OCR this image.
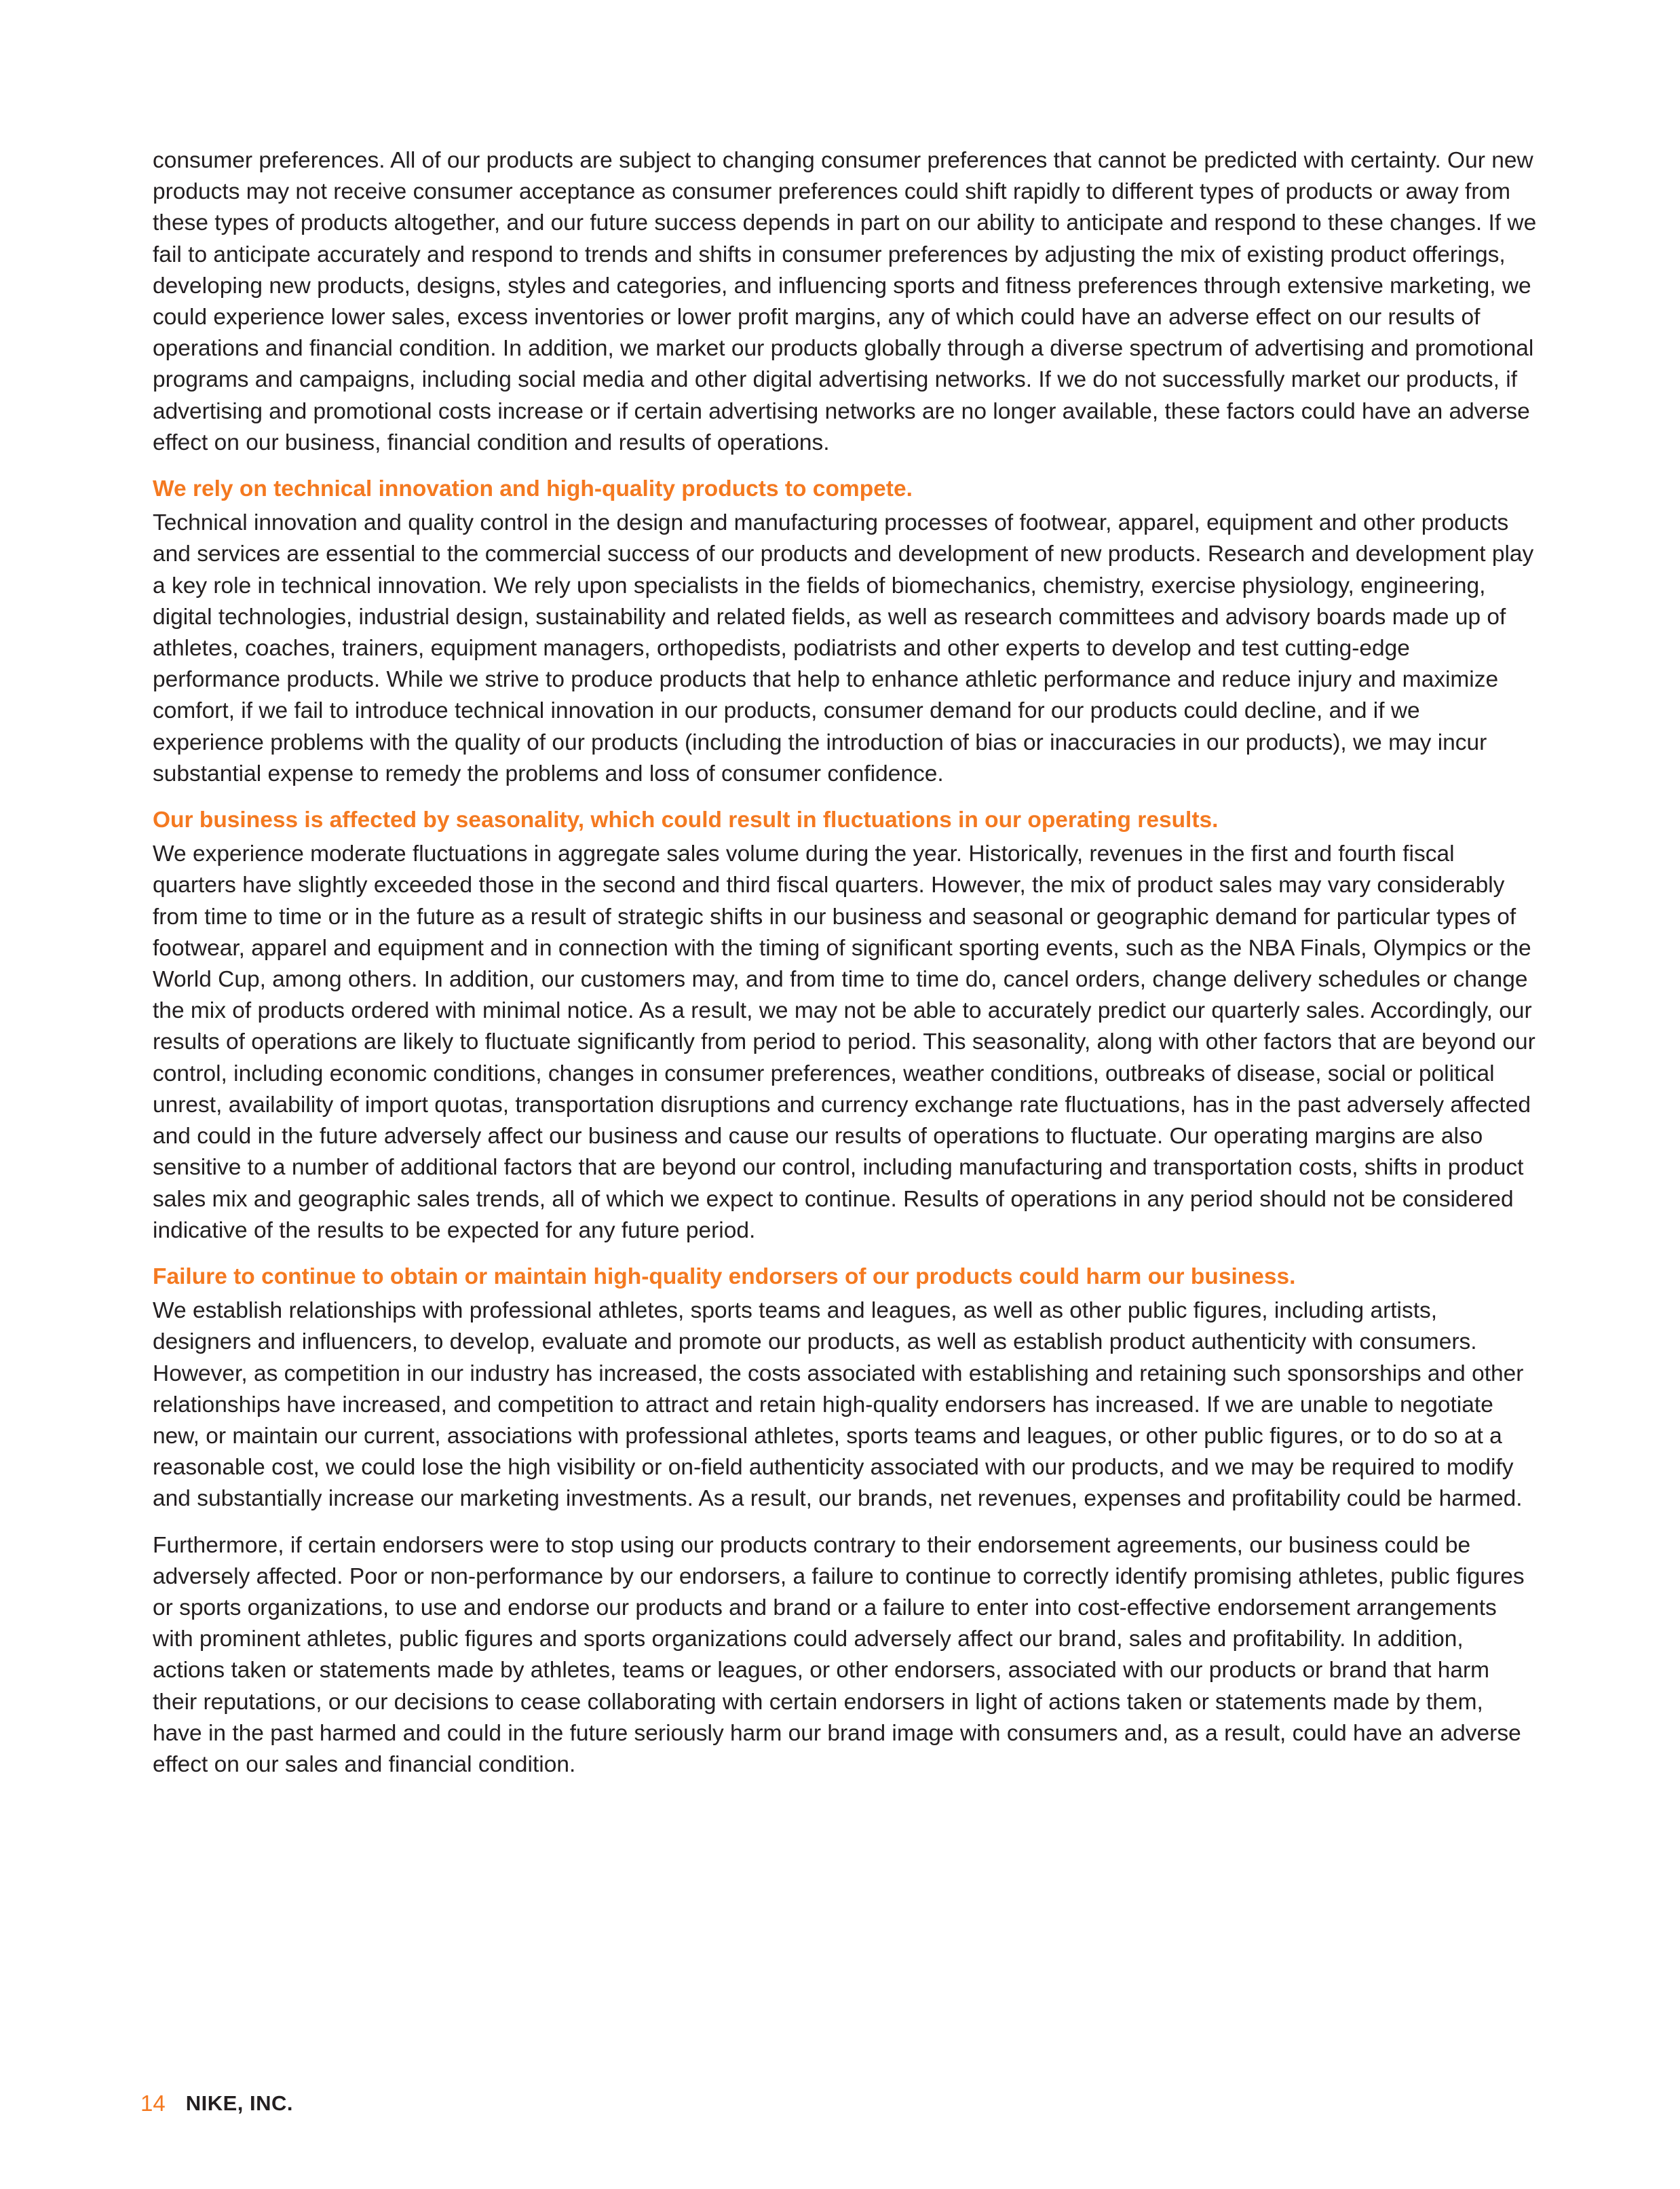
consumer preferences. All of our products are subject to changing consumer preferences that cannot be predicted with certainty. Our new products may not receive consumer acceptance as consumer preferences could shift rapidly to different types of products or away from these types of products altogether, and our future success depends in part on our ability to anticipate and respond to these changes. If we fail to anticipate accurately and respond to trends and shifts in consumer preferences by adjusting the mix of existing product offerings, developing new products, designs, styles and categories, and influencing sports and fitness preferences through extensive marketing, we could experience lower sales, excess inventories or lower profit margins, any of which could have an adverse effect on our results of operations and financial condition. In addition, we market our products globally through a diverse spectrum of advertising and promotional programs and campaigns, including social media and other digital advertising networks. If we do not successfully market our products, if advertising and promotional costs increase or if certain advertising networks are no longer available, these factors could have an adverse effect on our business, financial condition and results of operations.

We rely on technical innovation and high-quality products to compete.

Technical innovation and quality control in the design and manufacturing processes of footwear, apparel, equipment and other products and services are essential to the commercial success of our products and development of new products. Research and development play a key role in technical innovation. We rely upon specialists in the fields of biomechanics, chemistry, exercise physiology, engineering, digital technologies, industrial design, sustainability and related fields, as well as research committees and advisory boards made up of athletes, coaches, trainers, equipment managers, orthopedists, podiatrists and other experts to develop and test cutting-edge performance products. While we strive to produce products that help to enhance athletic performance and reduce injury and maximize comfort, if we fail to introduce technical innovation in our products, consumer demand for our products could decline, and if we experience problems with the quality of our products (including the introduction of bias or inaccuracies in our products), we may incur substantial expense to remedy the problems and loss of consumer confidence.

Our business is affected by seasonality, which could result in fluctuations in our operating results.

We experience moderate fluctuations in aggregate sales volume during the year. Historically, revenues in the first and fourth fiscal quarters have slightly exceeded those in the second and third fiscal quarters. However, the mix of product sales may vary considerably from time to time or in the future as a result of strategic shifts in our business and seasonal or geographic demand for particular types of footwear, apparel and equipment and in connection with the timing of significant sporting events, such as the NBA Finals, Olympics or the World Cup, among others. In addition, our customers may, and from time to time do, cancel orders, change delivery schedules or change the mix of products ordered with minimal notice. As a result, we may not be able to accurately predict our quarterly sales. Accordingly, our results of operations are likely to fluctuate significantly from period to period. This seasonality, along with other factors that are beyond our control, including economic conditions, changes in consumer preferences, weather conditions, outbreaks of disease, social or political unrest, availability of import quotas, transportation disruptions and currency exchange rate fluctuations, has in the past adversely affected and could in the future adversely affect our business and cause our results of operations to fluctuate. Our operating margins are also sensitive to a number of additional factors that are beyond our control, including manufacturing and transportation costs, shifts in product sales mix and geographic sales trends, all of which we expect to continue. Results of operations in any period should not be considered indicative of the results to be expected for any future period.

Failure to continue to obtain or maintain high-quality endorsers of our products could harm our business.

We establish relationships with professional athletes, sports teams and leagues, as well as other public figures, including artists, designers and influencers, to develop, evaluate and promote our products, as well as establish product authenticity with consumers. However, as competition in our industry has increased, the costs associated with establishing and retaining such sponsorships and other relationships have increased, and competition to attract and retain high-quality endorsers has increased. If we are unable to negotiate new, or maintain our current, associations with professional athletes, sports teams and leagues, or other public figures, or to do so at a reasonable cost, we could lose the high visibility or on-field authenticity associated with our products, and we may be required to modify and substantially increase our marketing investments. As a result, our brands, net revenues, expenses and profitability could be harmed.

Furthermore, if certain endorsers were to stop using our products contrary to their endorsement agreements, our business could be adversely affected. Poor or non-performance by our endorsers, a failure to continue to correctly identify promising athletes, public figures or sports organizations, to use and endorse our products and brand or a failure to enter into cost-effective endorsement arrangements with prominent athletes, public figures and sports organizations could adversely affect our brand, sales and profitability. In addition, actions taken or statements made by athletes, teams or leagues, or other endorsers, associated with our products or brand that harm their reputations, or our decisions to cease collaborating with certain endorsers in light of actions taken or statements made by them, have in the past harmed and could in the future seriously harm our brand image with consumers and, as a result, could have an adverse effect on our sales and financial condition.

14 NIKE, INC.
